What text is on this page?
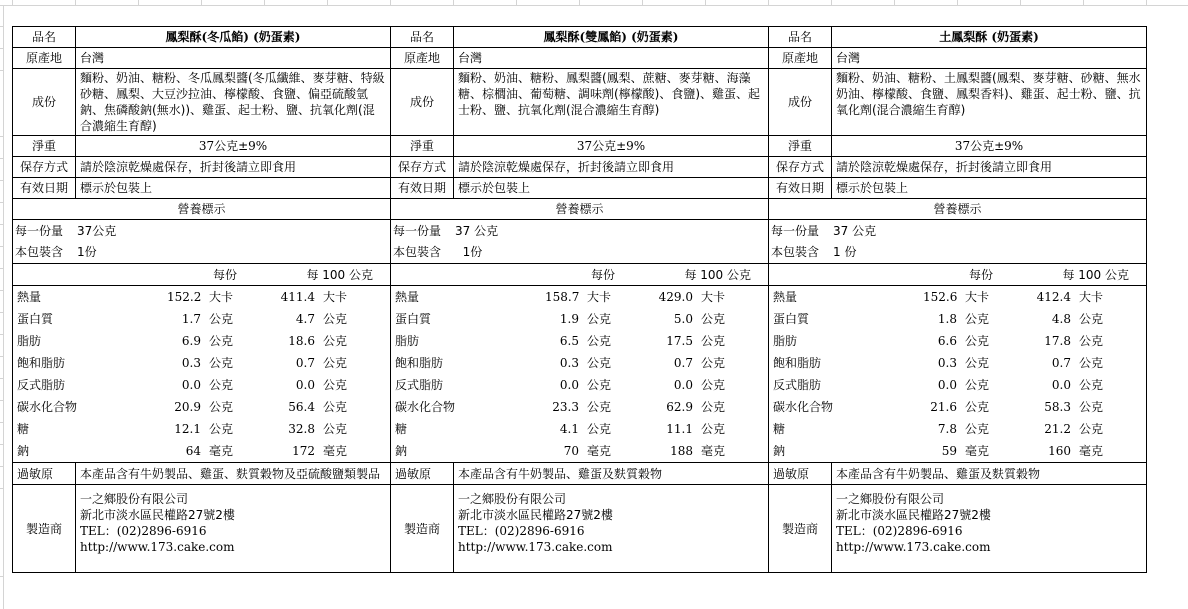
品名	鳳梨酥(冬瓜餡) (奶蛋素)
原產地	台灣
成份	麵粉、奶油、糖粉、冬瓜鳳梨醬(冬瓜纖維、麥芽糖、特級砂糖、鳳梨、大豆沙拉油、檸檬酸、食鹽、偏亞硫酸氫鈉、焦磷酸鈉(無水))、雞蛋、起士粉、鹽、抗氧化劑(混合濃縮生育醇)
淨重	37公克±9%
保存方式	請於陰涼乾燥處保存，折封後請立即食用
有效日期	標示於包裝上
營養標示	

每一份量 37公克
本包裝含 1份	

每份 每 100 公克	

熱量	152.2 大卡	411.4 大卡
蛋白質	1.7 公克	4.7 公克
脂肪	6.9 公克	18.6 公克
飽和脂肪	0.3 公克	0.7 公克
反式脂肪	0.0 公克	0.0 公克
碳水化合物	20.9 公克	56.4 公克
糖	12.1 公克	32.8 公克
鈉	64 毫克	172 毫克

過敏原	本產品含有牛奶製品、雞蛋、麩質穀物及亞硫酸鹽類製品
製造商	一之鄉股份有限公司
新北市淡水區民權路27號2樓
TEL：(02)2896-6916
http://www.173.cake.com
品名	鳳梨酥(雙鳳餡) (奶蛋素)
原產地	台灣
成份	麵粉、奶油、糖粉、鳳梨醬(鳳梨、蔗糖、麥芽糖、海藻糖、棕櫚油、葡萄糖、調味劑(檸檬酸)、食鹽)、雞蛋、起士粉、鹽、抗氧化劑(混合濃縮生育醇)
淨重	37公克±9%
保存方式	請於陰涼乾燥處保存，折封後請立即食用
有效日期	標示於包裝上
營養標示	

每一份量 37 公克
本包裝含 1份	

每份 每 100 公克	

熱量	158.7 大卡	429.0 大卡
蛋白質	1.9 公克	5.0 公克
脂肪	6.5 公克	17.5 公克
飽和脂肪	0.3 公克	0.7 公克
反式脂肪	0.0 公克	0.0 公克
碳水化合物	23.3 公克	62.9 公克
糖	4.1 公克	11.1 公克
鈉	70 毫克	188 毫克

過敏原	本產品含有牛奶製品、雞蛋及麩質穀物
製造商	一之鄉股份有限公司
新北市淡水區民權路27號2樓
TEL：(02)2896-6916
http://www.173.cake.com
品名	土鳳梨酥 (奶蛋素)
原產地	台灣
成份	麵粉、奶油、糖粉、土鳳梨醬(鳳梨、麥芽糖、砂糖、無水奶油、檸檬酸、食鹽、鳳梨香料)、雞蛋、起士粉、鹽、抗氧化劑(混合濃縮生育醇)
淨重	37公克±9%
保存方式	請於陰涼乾燥處保存，折封後請立即食用
有效日期	標示於包裝上
營養標示	

每一份量 37 公克
本包裝含 1 份	

每份 每 100 公克	

熱量	152.6 大卡	412.4 大卡
蛋白質	1.8 公克	4.8 公克
脂肪	6.6 公克	17.8 公克
飽和脂肪	0.3 公克	0.7 公克
反式脂肪	0.0 公克	0.0 公克
碳水化合物	21.6 公克	58.3 公克
糖	7.8 公克	21.2 公克
鈉	59 毫克	160 毫克

過敏原	本產品含有牛奶製品、雞蛋及麩質穀物
製造商	一之鄉股份有限公司
新北市淡水區民權路27號2樓
TEL：(02)2896-6916
http://www.173.cake.com
